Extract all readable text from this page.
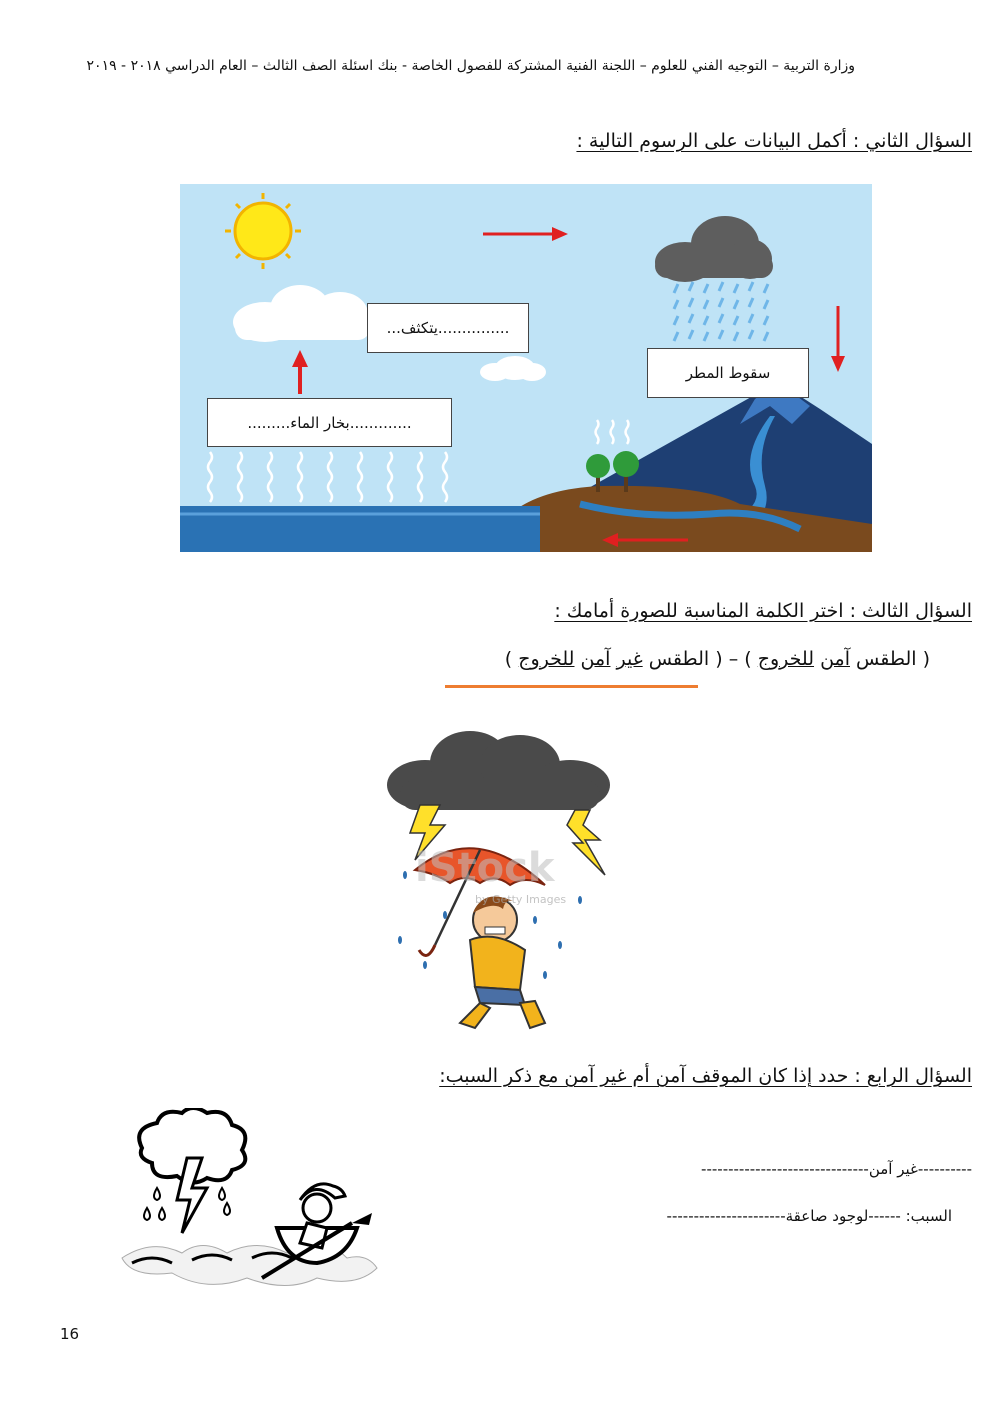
وزارة التربية – التوجيه الفني للعلوم – اللجنة الفنية المشتركة للفصول الخاصة - بنك اسئلة الصف الثالث – العام الدراسي ٢٠١٨ - ٢٠١٩
السؤال الثاني : أكمل البيانات على الرسوم التالية :
...............يتكثف...
سقوط المطر
.............بخار الماء.........
السؤال الثالث : اختر الكلمة المناسبة للصورة أمامك :
( الطقس آمن للخروج ) – ( الطقس غير آمن للخروج )
iStock
by Getty Images
السؤال الرابع : حدد إذا كان الموقف آمن أم غير آمن مع ذكر السبب:
----------غير آمن-------------------------------
السبب: ------لوجود صاعقة----------------------
16
